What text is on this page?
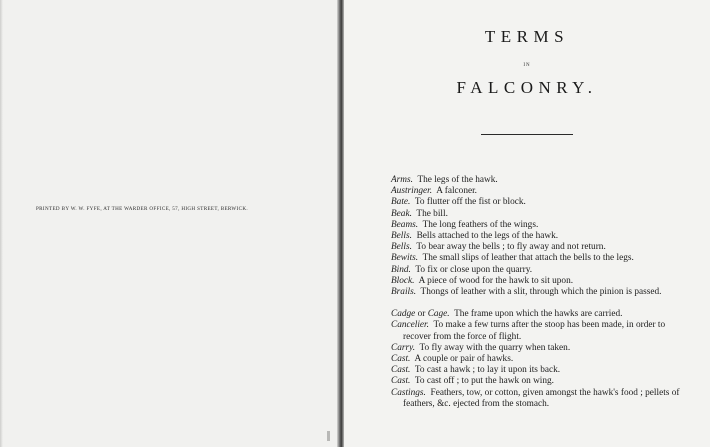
PRINTED BY W. W. FYFE, AT THE WARDER OFFICE, 57, HIGH STREET, BERWICK.
TERMS
IN
FALCONRY.

Arms. The legs of the hawk.

Austringer. A falconer.

Bate. To flutter off the fist or block.

Beak. The bill.

Beams. The long feathers of the wings.

Bells. Bells attached to the legs of the hawk.

Bells. To bear away the bells ; to fly away and not return.

Bewits. The small slips of leather that attach the bells to the legs.

Bind. To fix or close upon the quarry.

Block. A piece of wood for the hawk to sit upon.

Brails. Thongs of leather with a slit, through which the pinion is passed.

Cadge or Cage. The frame upon which the hawks are carried.

Cancelier. To make a few turns after the stoop has been made, in order to recover from the force of flight.

Carry. To fly away with the quarry when taken.

Cast. A couple or pair of hawks.

Cast. To cast a hawk ; to lay it upon its back.

Cast. To cast off ; to put the hawk on wing.

Castings. Feathers, tow, or cotton, given amongst the hawk's food ; pellets of feathers, &c. ejected from the stomach.
